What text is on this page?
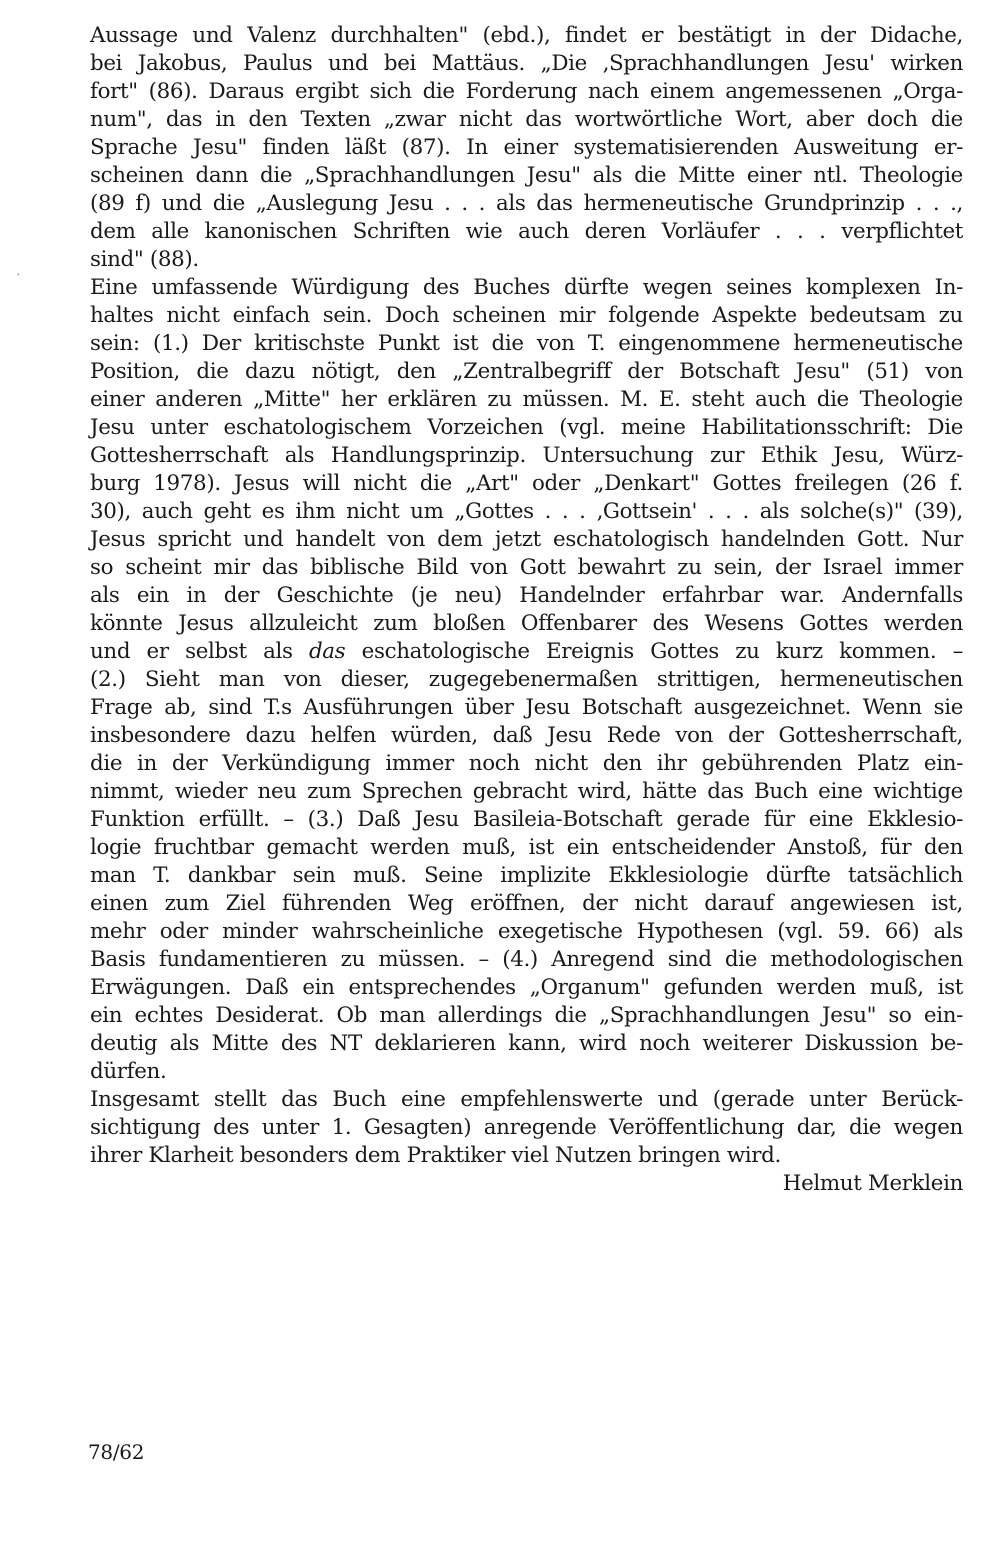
ʾ
Aussage und Valenz durchhalten" (ebd.), findet er bestätigt in der Didache,
bei Jakobus, Paulus und bei Mattäus. „Die ‚Sprachhandlungen Jesu' wirken
fort" (86). Daraus ergibt sich die Forderung nach einem angemessenen „Orga-
num", das in den Texten „zwar nicht das wortwörtliche Wort, aber doch die
Sprache Jesu" finden läßt (87). In einer systematisierenden Ausweitung er-
scheinen dann die „Sprachhandlungen Jesu" als die Mitte einer ntl. Theologie
(89 f) und die „Auslegung Jesu . . . als das hermeneutische Grundprinzip . . .,
dem alle kanonischen Schriften wie auch deren Vorläufer . . . verpflichtet
sind" (88).
Eine umfassende Würdigung des Buches dürfte wegen seines komplexen In-
haltes nicht einfach sein. Doch scheinen mir folgende Aspekte bedeutsam zu
sein: (1.) Der kritischste Punkt ist die von T. eingenommene hermeneutische
Position, die dazu nötigt, den „Zentralbegriff der Botschaft Jesu" (51) von
einer anderen „Mitte" her erklären zu müssen. M. E. steht auch die Theologie
Jesu unter eschatologischem Vorzeichen (vgl. meine Habilitationsschrift: Die
Gottesherrschaft als Handlungsprinzip. Untersuchung zur Ethik Jesu, Würz-
burg 1978). Jesus will nicht die „Art" oder „Denkart" Gottes freilegen (26 f.
30), auch geht es ihm nicht um „Gottes . . . ‚Gottsein' . . . als solche(s)" (39),
Jesus spricht und handelt von dem jetzt eschatologisch handelnden Gott. Nur
so scheint mir das biblische Bild von Gott bewahrt zu sein, der Israel immer
als ein in der Geschichte (je neu) Handelnder erfahrbar war. Andernfalls
könnte Jesus allzuleicht zum bloßen Offenbarer des Wesens Gottes werden
und er selbst als das eschatologische Ereignis Gottes zu kurz kommen. –
(2.) Sieht man von dieser, zugegebenermaßen strittigen, hermeneutischen
Frage ab, sind T.s Ausführungen über Jesu Botschaft ausgezeichnet. Wenn sie
insbesondere dazu helfen würden, daß Jesu Rede von der Gottesherrschaft,
die in der Verkündigung immer noch nicht den ihr gebührenden Platz ein-
nimmt, wieder neu zum Sprechen gebracht wird, hätte das Buch eine wichtige
Funktion erfüllt. – (3.) Daß Jesu Basileia-Botschaft gerade für eine Ekklesio-
logie fruchtbar gemacht werden muß, ist ein entscheidender Anstoß, für den
man T. dankbar sein muß. Seine implizite Ekklesiologie dürfte tatsächlich
einen zum Ziel führenden Weg eröffnen, der nicht darauf angewiesen ist,
mehr oder minder wahrscheinliche exegetische Hypothesen (vgl. 59. 66) als
Basis fundamentieren zu müssen. – (4.) Anregend sind die methodologischen
Erwägungen. Daß ein entsprechendes „Organum" gefunden werden muß, ist
ein echtes Desiderat. Ob man allerdings die „Sprachhandlungen Jesu" so ein-
deutig als Mitte des NT deklarieren kann, wird noch weiterer Diskussion be-
dürfen.
Insgesamt stellt das Buch eine empfehlenswerte und (gerade unter Berück-
sichtigung des unter 1. Gesagten) anregende Veröffentlichung dar, die wegen
ihrer Klarheit besonders dem Praktiker viel Nutzen bringen wird.
Helmut Merklein
78/62
